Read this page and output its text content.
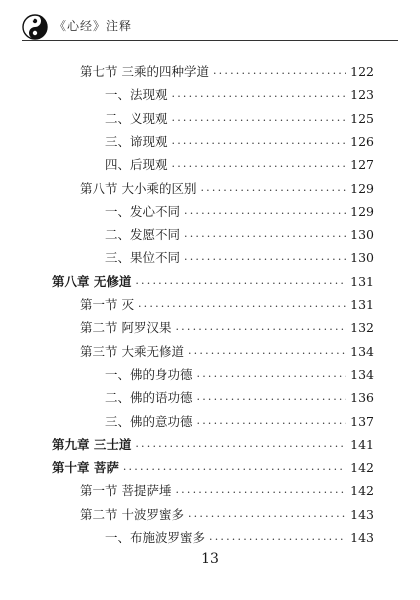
《心经》注释
第七节 三乘的四种学道 .....	122
一、法现观 .....	123
二、义现观 .....	125
三、谛现观 .....	126
四、后现观 .....	127
第八节 大小乘的区别 .....	129
一、发心不同 .....	129
二、发愿不同 .....	130
三、果位不同 .....	130
第八章 无修道 .....	131
第一节 灭 .....	131
第二节 阿罗汉果 .....	132
第三节 大乘无修道 .....	134
一、佛的身功德 .....	134
二、佛的语功德 .....	136
三、佛的意功德 .....	137
第九章 三士道 .....	141
第十章 菩萨 .....	142
第一节 菩提萨埵 .....	142
第二节 十波罗蜜多 .....	143
一、布施波罗蜜多 .....	143
13
